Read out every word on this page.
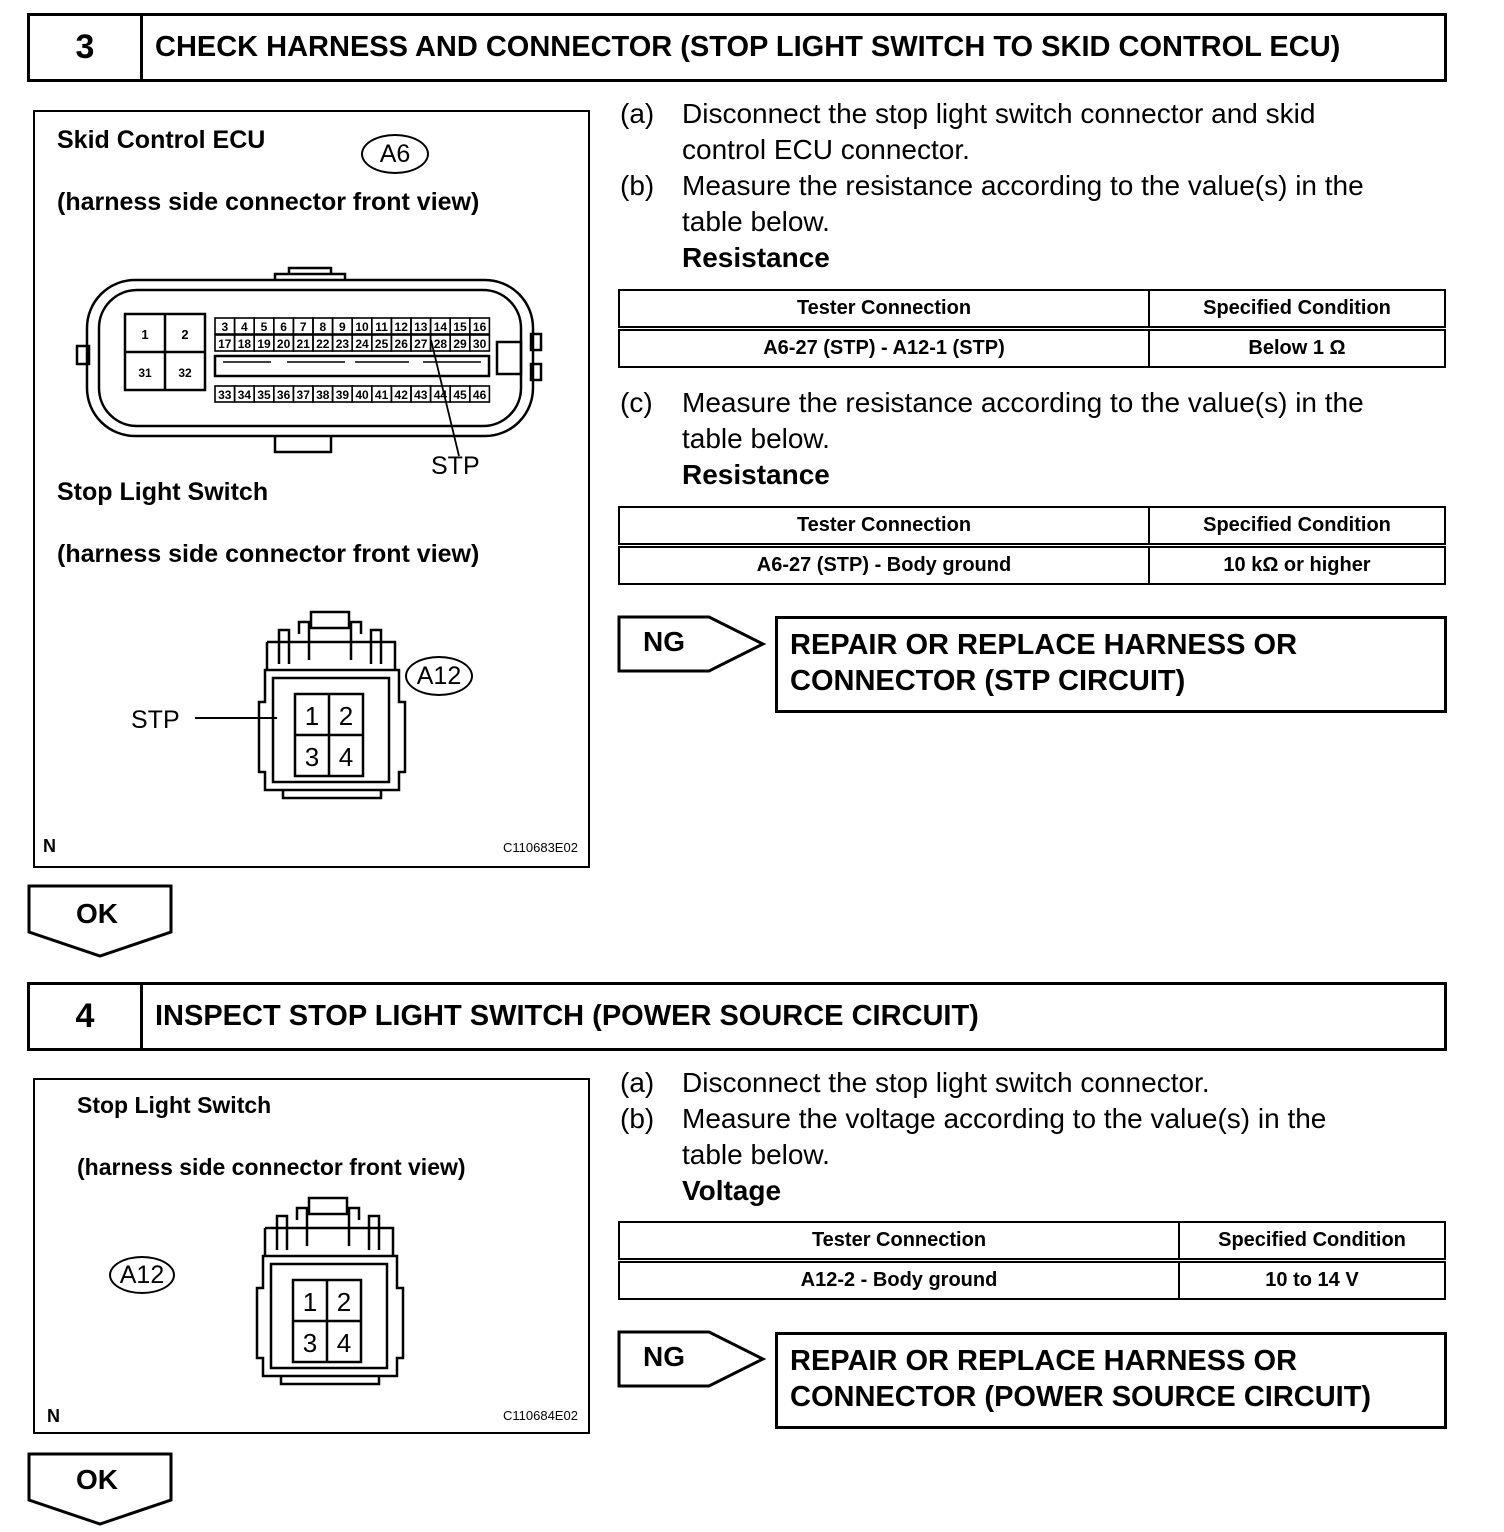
3	CHECK HARNESS AND CONNECTOR (STOP LIGHT SWITCH TO SKID CONTROL ECU)
Skid Control ECU	A6
(harness side connector front view)
1	2
31 32
3
17
33
4
18
34
5
19
35
6
20
36
7
21
37
8
22
38
9
23
39
10
24
40
11
25
41
12
26
42
13
27
43
14
28
44
15
29
45
16
30
46
STP
Stop Light Switch
(harness side connector front view)
1 2
3 4
STP
A12
N	C110683E02
(a) Disconnect the stop light switch connector and skid
control ECU connector.
(b) Measure the resistance according to the value(s) in the
table below.
Resistance
Tester Connection	Specified Condition
A6-27 (STP) - A12-1 (STP)	Below 1 Ω
(c)	Measure the resistance according to the value(s) in the
table below.
Resistance
Tester Connection	Specified Condition
A6-27 (STP) - Body ground	10 kΩ or higher
NG	REPAIR OR REPLACE HARNESS OR
CONNECTOR (STP CIRCUIT)
OK
4	INSPECT STOP LIGHT SWITCH (POWER SOURCE CIRCUIT)
Stop Light Switch
(harness side connector front view)
A12
1 2
3 4
N	C110684E02
(a) Disconnect the stop light switch connector.
(b) Measure the voltage according to the value(s) in the
table below.
Voltage
Tester Connection	Specified Condition
A12-2 - Body ground	10 to 14 V
NG	REPAIR OR REPLACE HARNESS OR
CONNECTOR (POWER SOURCE CIRCUIT)
OK
